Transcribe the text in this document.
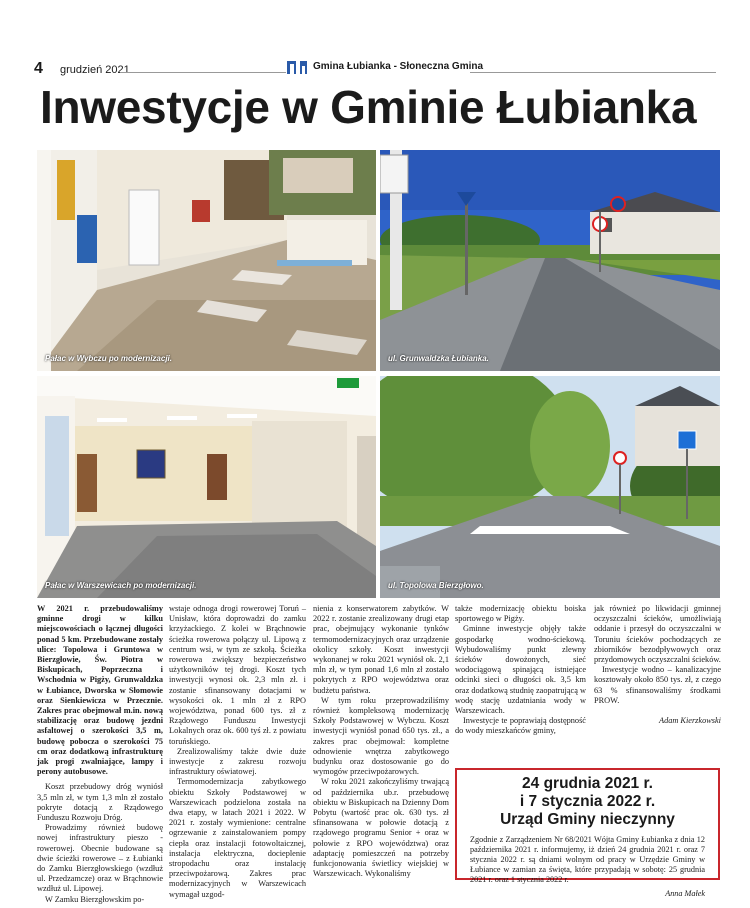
4 grudzień 2021	Gmina Łubianka - Słoneczna Gmina
Inwestycje w Gminie Łubianka
Pałac w Wybczu po modernizacji.	ul. Grunwaldzka Łubianka.
Pałac w Warszewicach po modernizacji.	ul. Topolowa Bierzgłowo.

W 2021 r. przebudowaliśmy gminne drogi w kilku miejscowościach o łącznej długości ponad 5 km. Przebudowane zostały ulice: Topolowa i Gruntowa w Bierzgłowie, Św. Piotra w Biskupicach, Poprzeczna i Wschodnia w Pigży, Grunwaldzka w Łubiance, Dworska w Słomowie oraz Sienkiewicza w Przecznie. Zakres prac obejmował m.in. nową stabilizację oraz budowę jezdni asfaltowej o szerokości 3,5 m, budowę pobocza o szerokości 75 cm oraz dodatkową infrastrukturę jak progi zwalniające, lampy i perony autobusowe.

Koszt przebudowy dróg wyniósł 3,5 mln zł, w tym 1,3 mln zł zostało pokryte dotacją z Rządowego Funduszu Rozwoju Dróg.

Prowadzimy również budowę nowej infrastruktury pieszo - rowerowej. Obecnie budowane są dwie ścieżki rowerowe – z Łubianki do Zamku Bierzgłowskiego (wzdłuż ul. Przedzamcze) oraz w Brąchnowie wzdłuż ul. Lipowej.

W Zamku Bierzgłowskim po-

wstaje odnoga drogi rowerowej Toruń – Unisław, która doprowadzi do zamku krzyżackiego. Z kolei w Brąchnowie ścieżka rowerowa połączy ul. Lipową z centrum wsi, w tym ze szkołą. Ścieżka rowerowa zwiększy bezpieczeństwo użytkowników tej drogi. Koszt tych inwestycji wynosi ok. 2,3 mln zł. i zostanie sfinansowany dotacjami w wysokości ok. 1 mln zł z RPO województwa, ponad 600 tys. zł z Rządowego Funduszu Inwestycji Lokalnych oraz ok. 600 tyś zł. z powiatu toruńskiego.

Zrealizowaliśmy także dwie duże inwestycje z zakresu rozwoju infrastruktury oświatowej.

Termomodernizacja zabytkowego obiektu Szkoły Podstawowej w Warszewicach podzielona została na dwa etapy, w latach 2021 i 2022. W 2021 r. zostały wymienione: centralne ogrzewanie z zainstalowaniem pompy ciepła oraz instalacji fotowoltaicznej, instalacja elektryczna, docieplenie stropodachu oraz instalację przeciwpożarową. Zakres prac modernizacyjnych w Warszewicach wymagał uzgod-

nienia z konserwatorem zabytków. W 2022 r. zostanie zrealizowany drugi etap prac, obejmujący wykonanie tynków termomodernizacyjnych oraz urządzenie okolicy szkoły. Koszt inwestycji wykonanej w roku 2021 wyniósł ok. 2,1 mln zł, w tym ponad 1,6 mln zł zostało pokrytych z RPO województwa oraz budżetu państwa.

W tym roku przeprowadziliśmy również kompleksową modernizację Szkoły Podstawowej w Wybczu. Koszt inwestycji wyniósł ponad 650 tys. zł., a zakres prac obejmował: kompletne odnowienie wnętrza zabytkowego budynku oraz dostosowanie go do wymogów przeciwpożarowych.

W roku 2021 zakończyliśmy trwającą od października ub.r. przebudowę obiektu w Biskupicach na Dzienny Dom Pobytu (wartość prac ok. 630 tys. zł sfinansowana w połowie dotacją z rządowego programu Senior + oraz w połowie z RPO województwa) oraz adaptację pomieszczeń na potrzeby funkcjonowania świetlicy wiejskiej w Warszewicach. Wykonaliśmy

także modernizację obiektu boiska sportowego w Pigży.

Gminne inwestycje objęły także gospodarkę wodno-ściekową. Wybudowaliśmy punkt zlewny ścieków dowożonych, sieć wodociągową spinającą istniejące odcinki sieci o długości ok. 3,5 km oraz dodatkową studnię zaopatrującą w wodę stację uzdatniania wody w Warszewicach.

Inwestycje te poprawiają dostępność do wody mieszkańców gminy,

jak również po likwidacji gminnej oczyszczalni ścieków, umożliwiają oddanie i przesył do oczyszczalni w Toruniu ścieków pochodzących ze zbiorników bezodpływowych oraz przydomowych oczyszczalni ścieków.

Inwestycje wodno – kanalizacyjne kosztowały około 850 tys. zł, z czego 63 % sfinansowaliśmy środkami PROW.

Adam Kierzkowski
24 grudnia 2021 r.
i 7 stycznia 2022 r.
Urząd Gminy nieczynny
Zgodnie z Zarządzeniem Nr 68/2021 Wójta Gminy Łubianka z dnia 12 października 2021 r. informujemy, iż dzień 24 grudnia 2021 r. oraz 7 stycznia 2022 r. są dniami wolnym od pracy w Urzędzie Gminy w Łubiance w zamian za święta, które przypadają w sobotę: 25 grudnia 2021 r. oraz 1 stycznia 2022 r.
Anna Małek
